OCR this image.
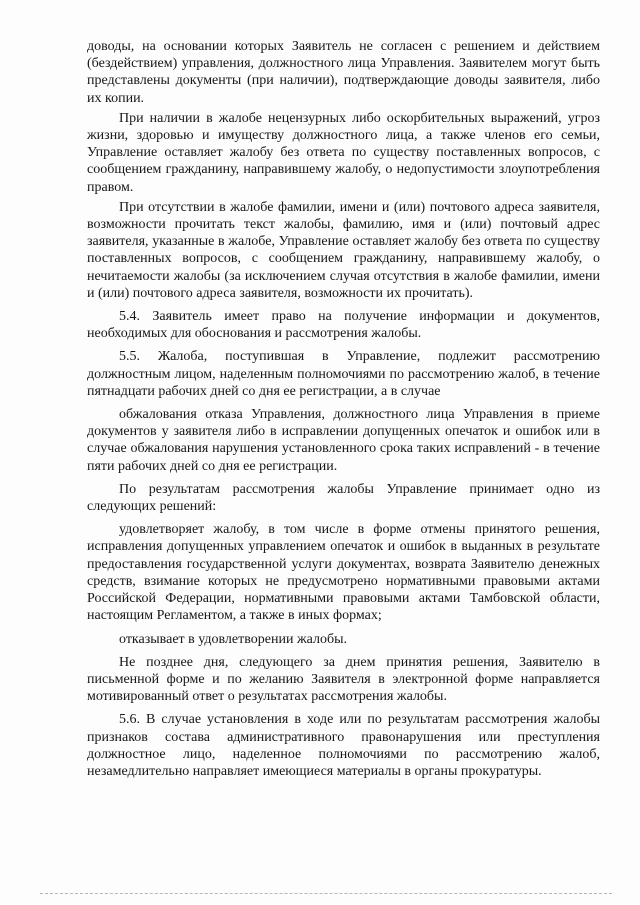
доводы, на основании которых Заявитель не согласен с решением и действием (бездействием) управления, должностного лица Управления. Заявителем могут быть представлены документы (при наличии), подтверждающие доводы заявителя, либо их копии.

При наличии в жалобе нецензурных либо оскорбительных выражений, угроз жизни, здоровью и имуществу должностного лица, а также членов его семьи, Управление оставляет жалобу без ответа по существу поставленных вопросов, с сообщением гражданину, направившему жалобу, о недопустимости злоупотребления правом.

При отсутствии в жалобе фамилии, имени и (или) почтового адреса заявителя, возможности прочитать текст жалобы, фамилию, имя и (или) почтовый адрес заявителя, указанные в жалобе, Управление оставляет жалобу без ответа по существу поставленных вопросов, с сообщением гражданину, направившему жалобу, о нечитаемости жалобы (за исключением случая отсутствия в жалобе фамилии, имени и (или) почтового адреса заявителя, возможности их прочитать).

5.4. Заявитель имеет право на получение информации и документов, необходимых для обоснования и рассмотрения жалобы.

5.5. Жалоба, поступившая в Управление, подлежит рассмотрению должностным лицом, наделенным полномочиями по рассмотрению жалоб, в течение пятнадцати рабочих дней со дня ее регистрации, а в случае

обжалования отказа Управления, должностного лица Управления в приеме документов у заявителя либо в исправлении допущенных опечаток и ошибок или в случае обжалования нарушения установленного срока таких исправлений - в течение пяти рабочих дней со дня ее регистрации.

По результатам рассмотрения жалобы Управление принимает одно из следующих решений:

удовлетворяет жалобу, в том числе в форме отмены принятого решения, исправления допущенных управлением опечаток и ошибок в выданных в результате предоставления государственной услуги документах, возврата Заявителю денежных средств, взимание которых не предусмотрено нормативными правовыми актами Российской Федерации, нормативными правовыми актами Тамбовской области, настоящим Регламентом, а также в иных формах;

отказывает в удовлетворении жалобы.

Не позднее дня, следующего за днем принятия решения, Заявителю в письменной форме и по желанию Заявителя в электронной форме направляется мотивированный ответ о результатах рассмотрения жалобы.

5.6. В случае установления в ходе или по результатам рассмотрения жалобы признаков состава административного правонарушения или преступления должностное лицо, наделенное полномочиями по рассмотрению жалоб, незамедлительно направляет имеющиеся материалы в органы прокуратуры.
